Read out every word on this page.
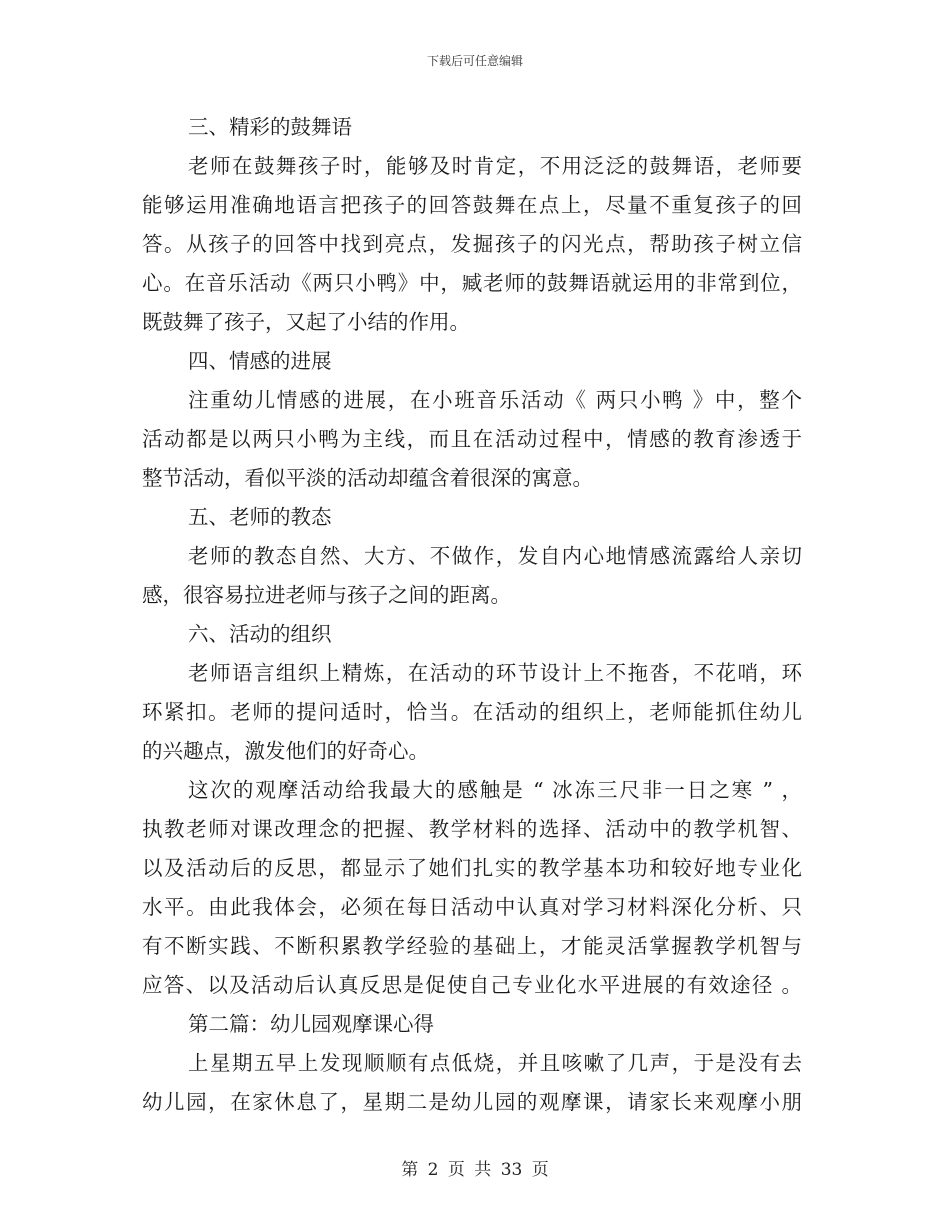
下载后可任意编辑
三、精彩的鼓舞语
老师在鼓舞孩子时，能够及时肯定，不用泛泛的鼓舞语，老师要
能够运用准确地语言把孩子的回答鼓舞在点上，尽量不重复孩子的回
答。从孩子的回答中找到亮点，发掘孩子的闪光点，帮助孩子树立信
心。在音乐活动《两只小鸭》中，臧老师的鼓舞语就运用的非常到位，
既鼓舞了孩子，又起了小结的作用。
四、情感的进展
注重幼儿情感的进展，在小班音乐活动《 两只小鸭 》中，整个
活动都是以两只小鸭为主线，而且在活动过程中，情感的教育渗透于
整节活动，看似平淡的活动却蕴含着很深的寓意。
五、老师的教态
老师的教态自然、大方、不做作，发自内心地情感流露给人亲切
感，很容易拉进老师与孩子之间的距离。
六、活动的组织
老师语言组织上精炼，在活动的环节设计上不拖沓，不花哨，环
环紧扣。老师的提问适时，恰当。在活动的组织上，老师能抓住幼儿
的兴趣点，激发他们的好奇心。
这次的观摩活动给我最大的感触是 “ 冰冻三尺非一日之寒 ” ，
执教老师对课改理念的把握、教学材料的选择、活动中的教学机智、
以及活动后的反思，都显示了她们扎实的教学基本功和较好地专业化
水平。由此我体会，必须在每日活动中认真对学习材料深化分析、只
有不断实践、不断积累教学经验的基础上，才能灵活掌握教学机智与
应答、以及活动后认真反思是促使自己专业化水平进展的有效途径 。
第二篇：幼儿园观摩课心得
上星期五早上发现顺顺有点低烧，并且咳嗽了几声，于是没有去
幼儿园，在家休息了，星期二是幼儿园的观摩课，请家长来观摩小朋
第 2 页 共 33 页
